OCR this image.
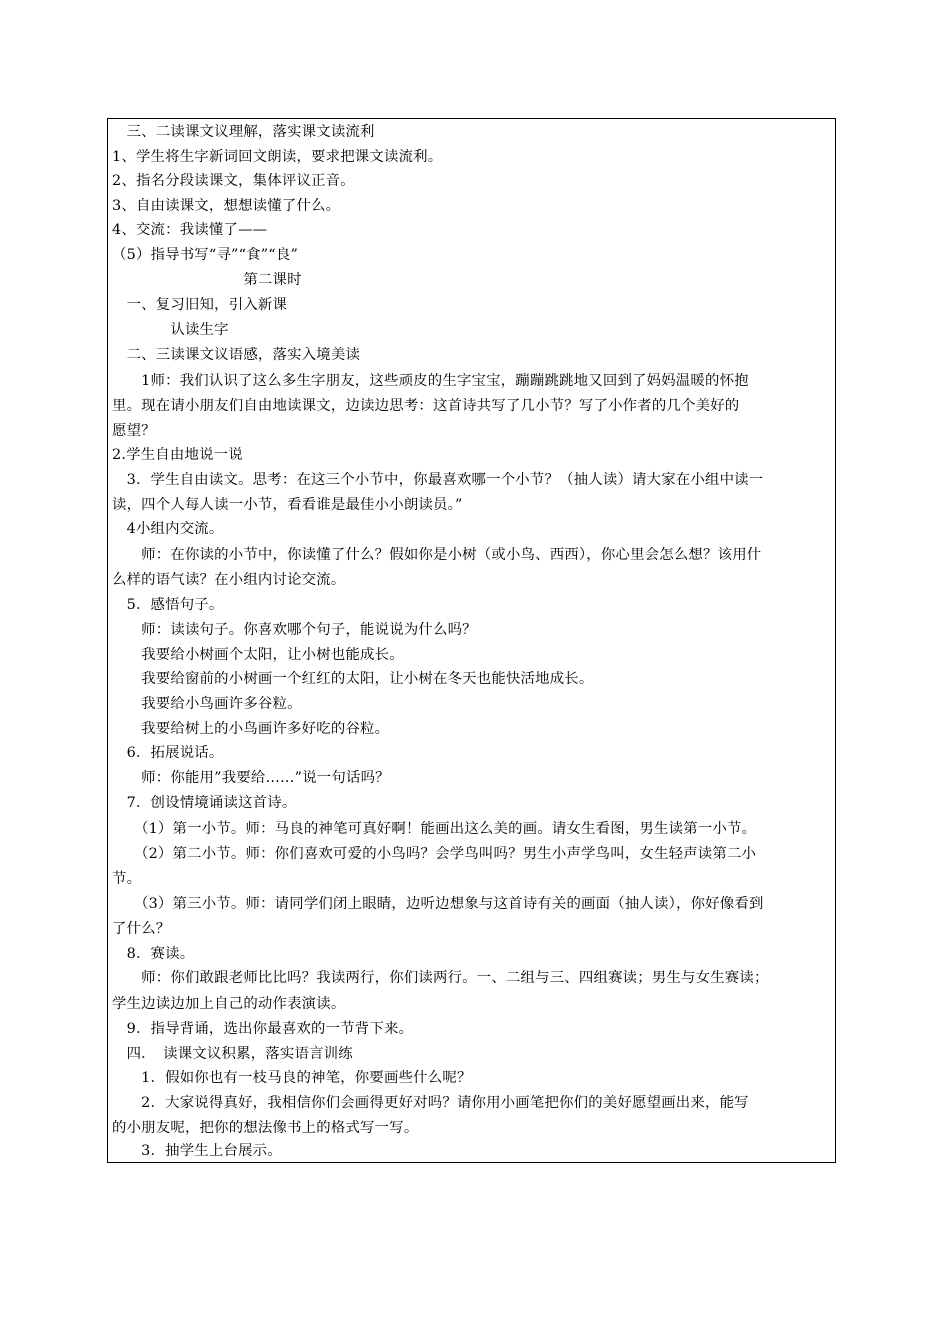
　三、二读课文议理解，落实课文读流利
1、学生将生字新词回文朗读，要求把课文读流利。
2、指名分段读课文，集体评议正音。
3、自由读课文，想想读懂了什么。
4、交流：我读懂了——
（5）指导书写“寻”“食”“良”
　　　　　　　　　第二课时
　一、复习旧知，引入新课
　　　　认读生字
　二、三读课文议语感，落实入境美读
　　1师：我们认识了这么多生字朋友，这些顽皮的生字宝宝，蹦蹦跳跳地又回到了妈妈温暖的怀抱
里。现在请小朋友们自由地读课文，边读边思考：这首诗共写了几小节？写了小作者的几个美好的
愿望？
2.学生自由地说一说
　3．学生自由读文。思考：在这三个小节中，你最喜欢哪一个小节？（抽人读）请大家在小组中读一
读，四个人每人读一小节，看看谁是最佳小小朗读员。”
　4小组内交流。
　　师：在你读的小节中，你读懂了什么？假如你是小树（或小鸟、西西），你心里会怎么想？该用什
么样的语气读？在小组内讨论交流。
　5．感悟句子。
　　师：读读句子。你喜欢哪个句子，能说说为什么吗？
　　我要给小树画个太阳，让小树也能成长。
　　我要给窗前的小树画一个红红的太阳，让小树在冬天也能快活地成长。
　　我要给小鸟画许多谷粒。
　　我要给树上的小鸟画许多好吃的谷粒。
　6．拓展说话。
　　师：你能用”我要给……”说一句话吗？
　7．创设情境诵读这首诗。
　　（1）第一小节。师：马良的神笔可真好啊！能画出这么美的画。请女生看图，男生读第一小节。
　　（2）第二小节。师：你们喜欢可爱的小鸟吗？会学鸟叫吗？男生小声学鸟叫，女生轻声读第二小
节。
　　（3）第三小节。师：请同学们闭上眼睛，边听边想象与这首诗有关的画面（抽人读），你好像看到
了什么？
　8．赛读。
　　师：你们敢跟老师比比吗？我读两行，你们读两行。一、二组与三、四组赛读；男生与女生赛读；
学生边读边加上自己的动作表演读。
　9．指导背诵，选出你最喜欢的一节背下来。
　四．　读课文议积累，落实语言训练
　　1．假如你也有一枝马良的神笔，你要画些什么呢？
　　2．大家说得真好，我相信你们会画得更好对吗？请你用小画笔把你们的美好愿望画出来，能写
的小朋友呢，把你的想法像书上的格式写一写。
　　3．抽学生上台展示。
